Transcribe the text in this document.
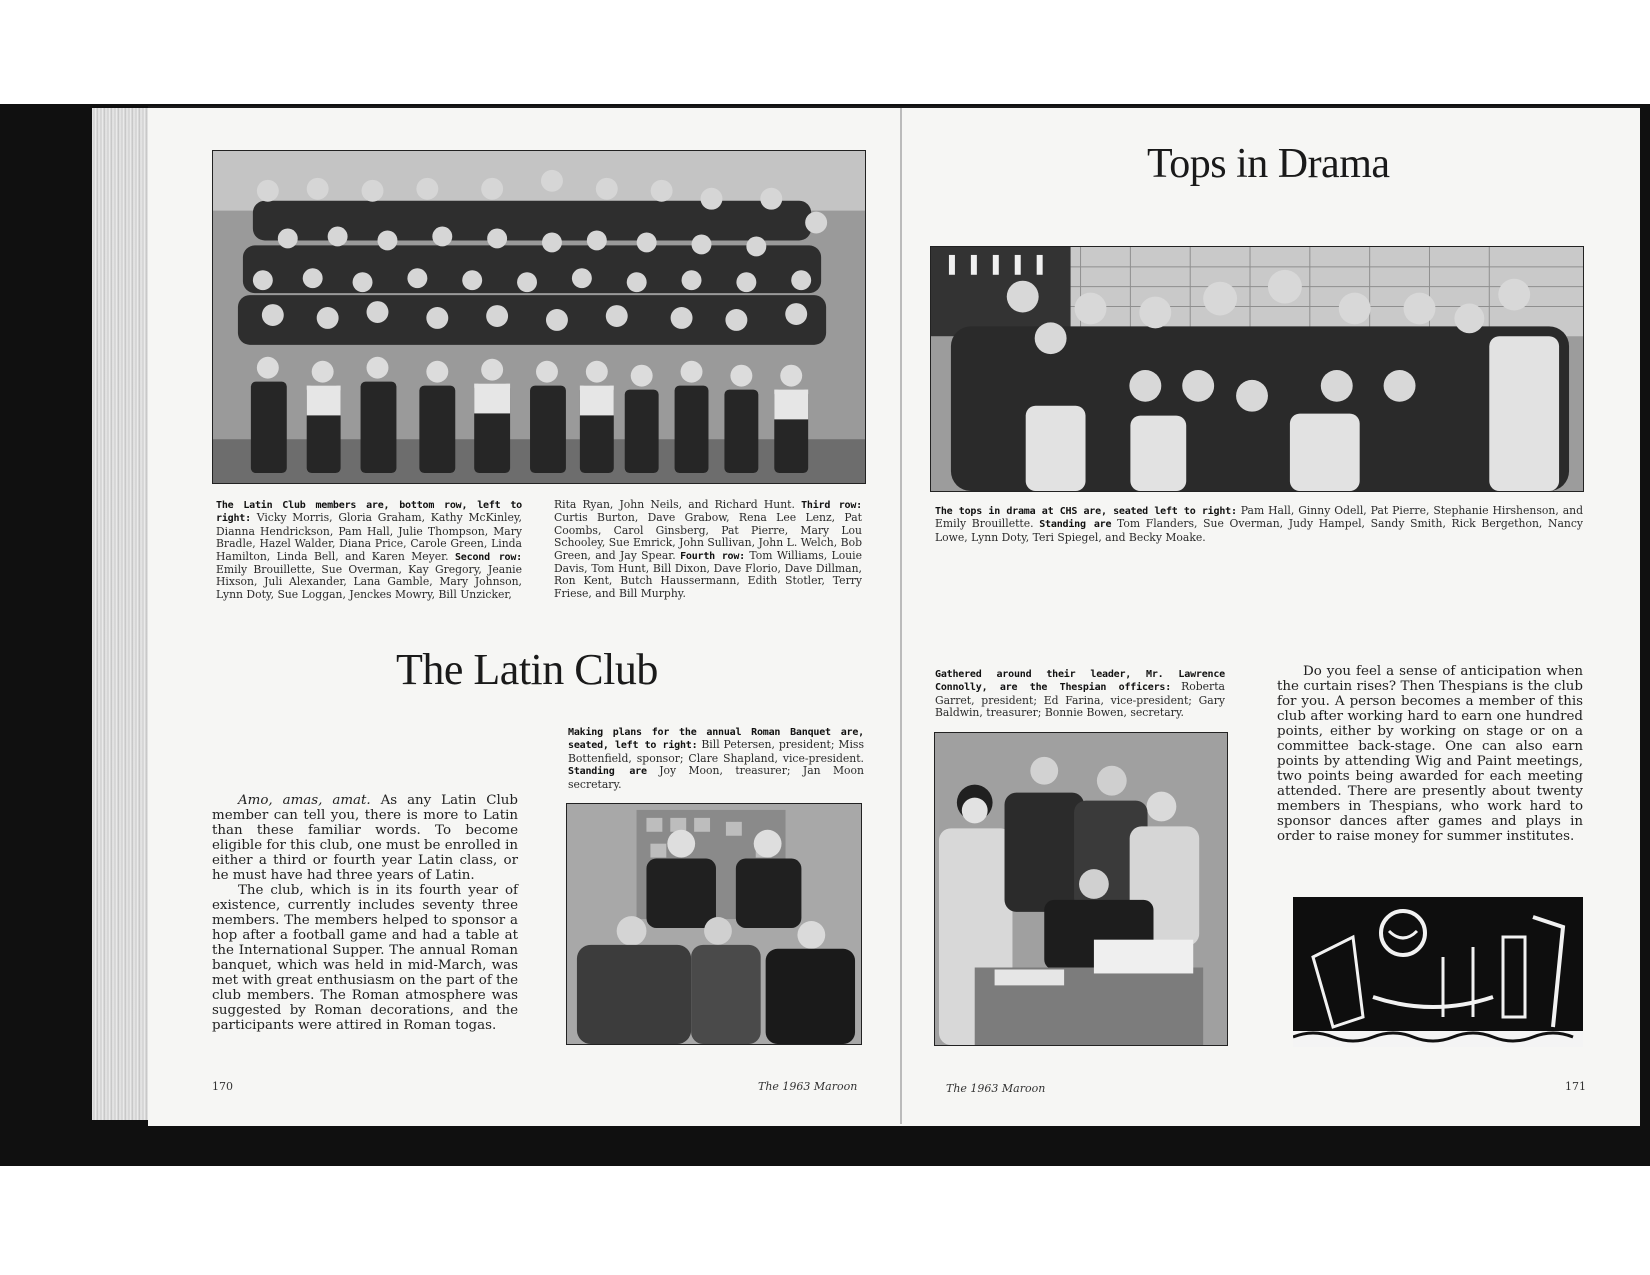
The Latin Club members are, bottom row, left to right: Vicky Morris, Gloria Graham, Kathy McKinley, Dianna Hendrickson, Pam Hall, Julie Thompson, Mary Bradle, Hazel Walder, Diana Price, Carole Green, Linda Hamilton, Linda Bell, and Karen Meyer. Second row: Emily Brouillette, Sue Overman, Kay Gregory, Jeanie Hixson, Juli Alexander, Lana Gamble, Mary Johnson, Lynn Doty, Sue Loggan, Jenckes Mowry, Bill Unzicker,
Rita Ryan, John Neils, and Richard Hunt. Third row: Curtis Burton, Dave Grabow, Rena Lee Lenz, Pat Coombs, Carol Ginsberg, Pat Pierre, Mary Lou Schooley, Sue Emrick, John Sullivan, John L. Welch, Bob Green, and Jay Spear. Fourth row: Tom Williams, Louie Davis, Tom Hunt, Bill Dixon, Dave Florio, Dave Dillman, Ron Kent, Butch Haussermann, Edith Stotler, Terry Friese, and Bill Murphy.
The Latin Club
Making plans for the annual Roman Banquet are, seated, left to right: Bill Petersen, president; Miss Bottenfield, sponsor; Clare Shapland, vice-president. Standing are Joy Moon, treasurer; Jan Moon secretary.

Amo, amas, amat. As any Latin Club member can tell you, there is more to Latin than these familiar words. To become eligible for this club, one must be enrolled in either a third or fourth year Latin class, or he must have had three years of Latin.

The club, which is in its fourth year of existence, currently includes seventy three members. The members helped to sponsor a hop after a football game and had a table at the International Supper. The annual Roman banquet, which was held in mid-March, was met with great enthusiasm on the part of the club members. The Roman atmosphere was suggested by Roman decorations, and the participants were attired in Roman togas.

170	The 1963 Maroon
Tops in Drama
The tops in drama at CHS are, seated left to right: Pam Hall, Ginny Odell, Pat Pierre, Stephanie Hirshenson, and Emily Brouillette. Standing are Tom Flanders, Sue Overman, Judy Hampel, Sandy Smith, Rick Bergethon, Nancy Lowe, Lynn Doty, Teri Spiegel, and Becky Moake.
Gathered around their leader, Mr. Lawrence Connolly, are the Thespian officers: Roberta Garret, president; Ed Farina, vice-president; Gary Baldwin, treasurer; Bonnie Bowen, secretary.

Do you feel a sense of anticipation when the curtain rises? Then Thespians is the club for you. A person becomes a member of this club after working hard to earn one hundred points, either by working on stage or on a committee back-stage. One can also earn points by attending Wig and Paint meetings, two points being awarded for each meeting attended. There are presently about twenty members in Thespians, who work hard to sponsor dances after games and plays in order to raise money for summer institutes.

The 1963 Maroon	171
